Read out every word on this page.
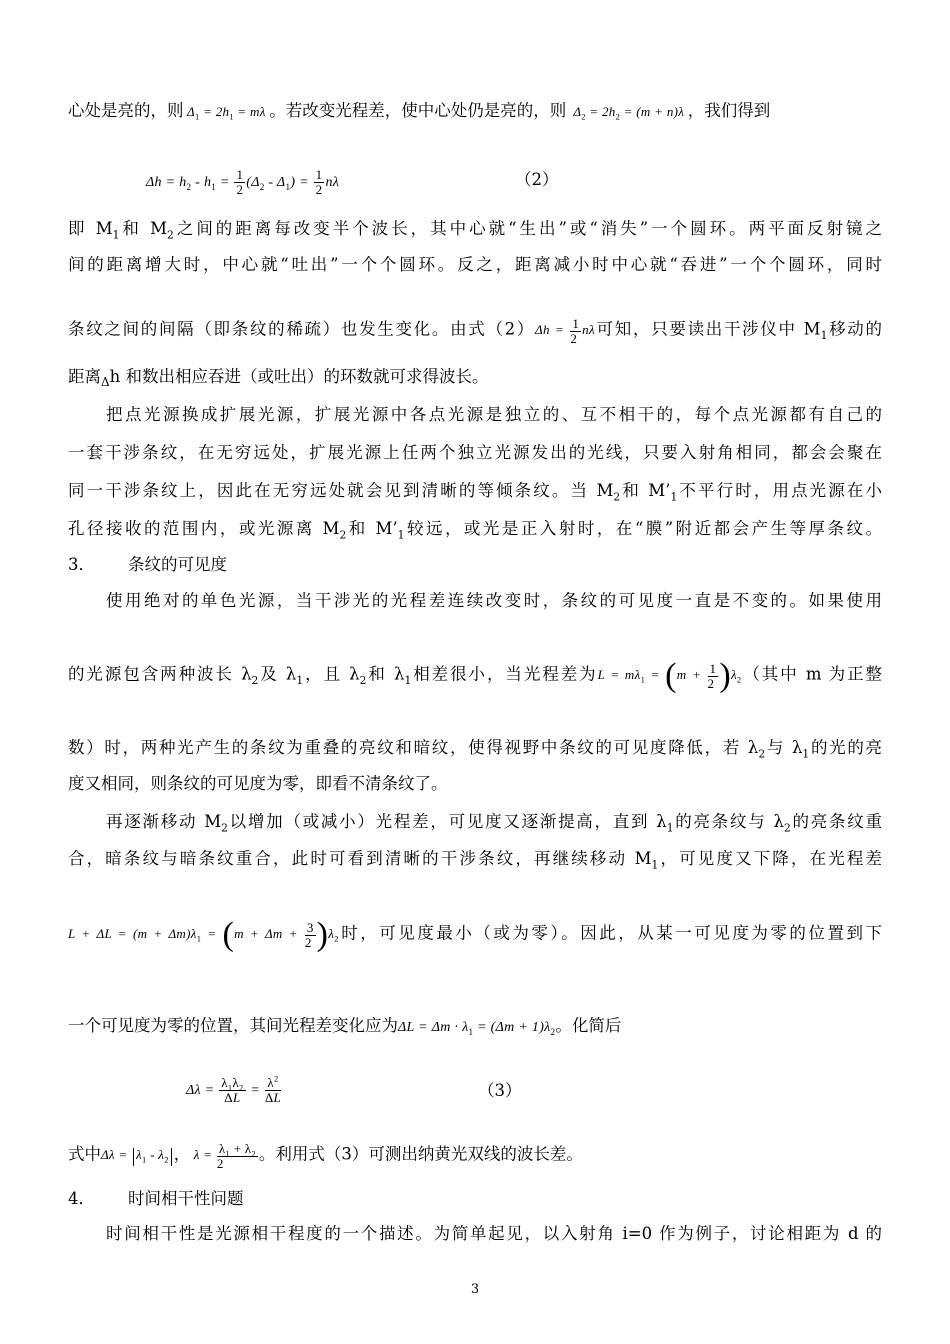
心处是亮的，则 $\Delta_1 = 2h_1 = m\lambda$ 。若改变光程差，使中心处仍是亮的，则  $\Delta_2 = 2h_2 = (m + n)\lambda$ ，我们得到
$\Delta h = h_2 - h_1 = \frac{1}{2} (\Delta_2 - \Delta_1) = \frac{1}{2}$ nλ	（2）
即 $M_1$和 $M_2$之间的距离每改变半个波长，其中心就“生出”或“消失”一个圆环。两平面反射镜之
间的距离增大时，中心就“吐出”一个个圆环。反之，距离减小时中心就“吞进”一个个圆环，同时
条纹之间的间隔（即条纹的稀疏）也发生变化。由式$(2)\Delta h = \frac{1}{2}$ nλ可知，只要读出干涉仪中 $M_1$移动的
距离$_\Delta$h 和数出相应吞进（或吐出）的环数就可求得波长。
把点光源换成扩展光源，扩展光源中各点光源是独立的、互不相干的，每个点光源都有自己的
一套干涉条纹，在无穷远处，扩展光源上任两个独立光源发出的光线，只要入射角相同，都会会聚在
同一干涉条纹上，因此在无穷远处就会见到清晰的等倾条纹。当 $M_2$和 $M’_1$不平行时，用点光源在小
孔径接收的范围内，或光源离 $M_2$和 $M’_1$较远，或光是正入射时，在“膜”附近都会产生等厚条纹。
3． 条纹的可见度
使用绝对的单色光源，当干涉光的光程差连续改变时，条纹的可见度一直是不变的。如果使用
的光源包含两种波长 $\lambda_2$及 $\lambda_1$，且 $\lambda_2$和 $\lambda_1$相差很小，当光程差为$L = m\lambda_1 = (m + \frac{1}{2} )\lambda_2$（其中 m 为正整
数）时，两种光产生的条纹为重叠的亮纹和暗纹，使得视野中条纹的可见度降低，若 $\lambda_2$与 $\lambda_1$的光的亮
度又相同，则条纹的可见度为零，即看不清条纹了。
再逐渐移动 $M_2$以增加（或减小）光程差，可见度又逐渐提高，直到 $\lambda_1$的亮条纹与 $\lambda_2$的亮条纹重
合，暗条纹与暗条纹重合，此时可看到清晰的干涉条纹，再继续移动 $M_1$，可见度又下降，在光程差
$L + \Delta L = (m + \Delta m)\lambda_1 = (m + \Delta m + \frac{3}{2} )\lambda_2$时，可见度最小（或为零）。因此，从某一可见度为零的位置到下
一个可见度为零的位置，其间光程差变化应为$\Delta L = \Delta m \cdot \lambda_1 = (\Delta m + 1)\lambda_2$。化简后
$\Delta\lambda = \frac{\lambda_1\lambda_2}{\Delta L} = \frac{\lambda^2}{\Delta L}$	（3）
式中$\Delta\lambda = \lambda_1 - \lambda_2$ ， $\lambda = \frac{\lambda_1 + \lambda_2}{2}$ 。利用式（3）可测出纳黄光双线的波长差。
4． 时间相干性问题
时间相干性是光源相干程度的一个描述。为简单起见，以入射角 i=0 作为例子，讨论相距为 d 的
3
